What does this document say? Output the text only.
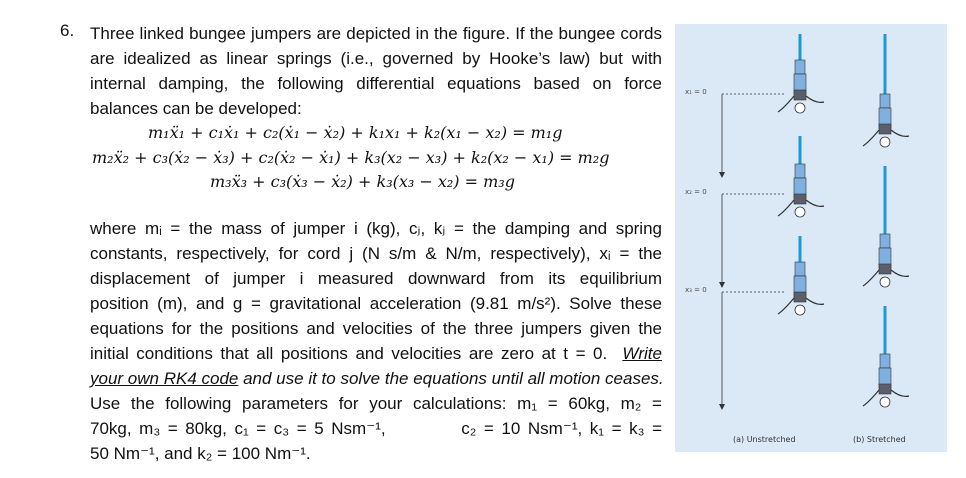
6. Three linked bungee jumpers are depicted in the figure. If the bungee cords
are idealized as linear springs (i.e., governed by Hooke’s law) but with
internal damping, the following differential equations based on force
balances can be developed:
m₁ẍ₁ + c₁ẋ₁ + c₂(ẋ₁ − ẋ₂) + k₁x₁ + k₂(x₁ − x₂) = m₁g
m₂ẍ₂ + c₃(ẋ₂ − ẋ₃) + c₂(ẋ₂ − ẋ₁) + k₃(x₂ − x₃) + k₂(x₂ − x₁) = m₂g
m₃ẍ₃ + c₃(ẋ₃ − ẋ₂) + k₃(x₃ − x₂) = m₃g
where mᵢ = the mass of jumper i (kg), cⱼ, kⱼ = the damping and spring
constants, respectively, for cord j (N s/m & N/m, respectively), xᵢ = the
displacement of jumper i measured downward from its equilibrium
position (m), and g = gravitational acceleration (9.81 m/s²). Solve these
equations for the positions and velocities of the three jumpers given the
initial conditions that all positions and velocities are zero at t = 0. Write
your own RK4 code and use it to solve the equations until all motion ceases.
Use the following parameters for your calculations: m₁ = 60kg, m₂ =
70kg, m₃ = 80kg, c₁ = c₃ = 5 Nsm⁻¹,          c₂ = 10 Nsm⁻¹, k₁ = k₃ =
50 Nm⁻¹, and k₂ = 100 Nm⁻¹.
x₁ = 0
x₂ = 0
x₃ = 0
(a) Unstretched	(b) Stretched
